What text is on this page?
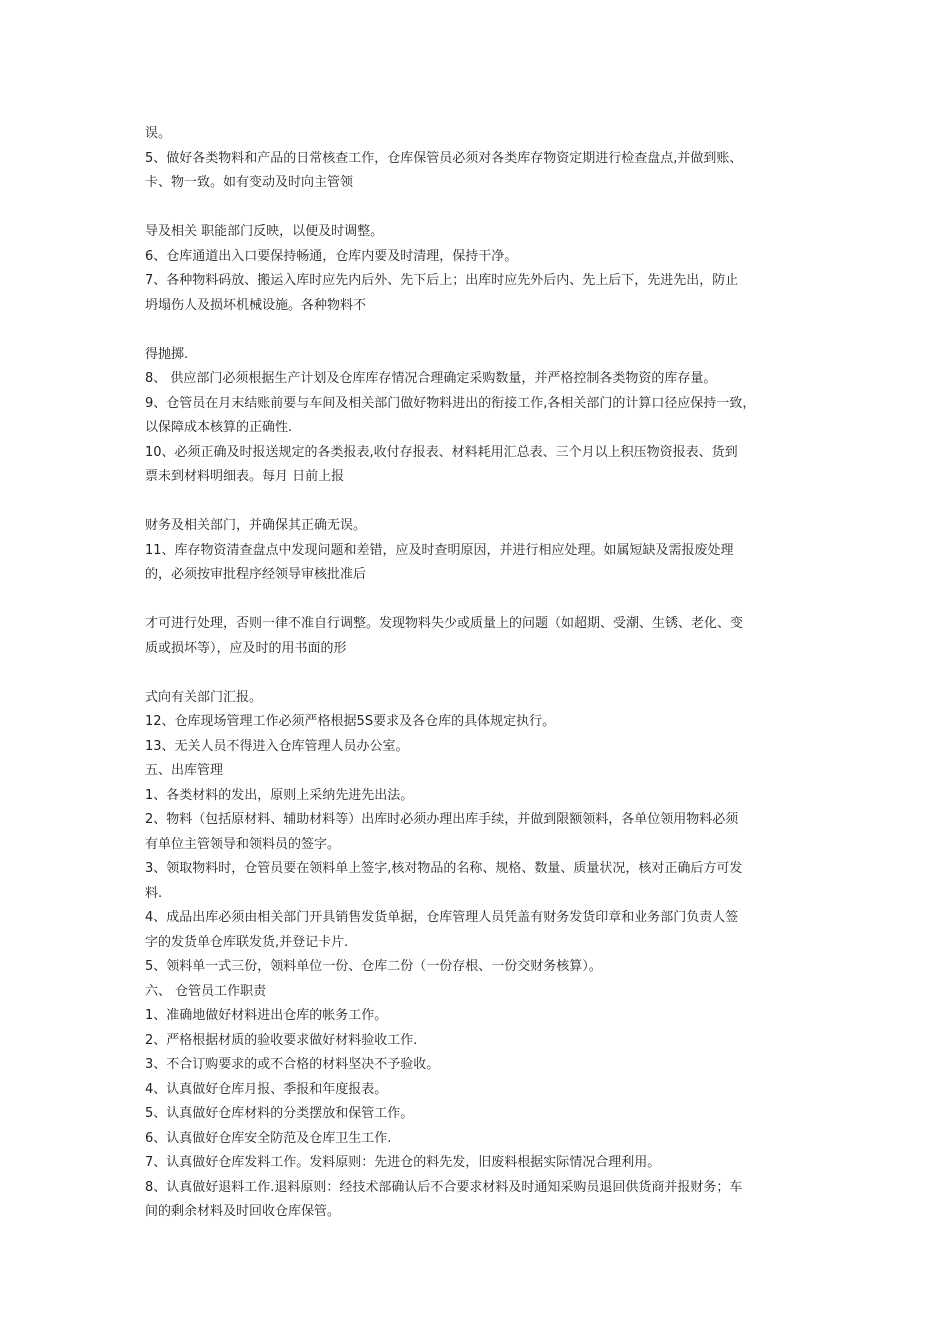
误。
5、做好各类物料和产品的日常核查工作，仓库保管员必须对各类库存物资定期进行检查盘点,并做到账、
卡、物一致。如有变动及时向主管领
导及相关 职能部门反映，以便及时调整。
6、仓库通道出入口要保持畅通，仓库内要及时清理，保持干净。
7、各种物料码放、搬运入库时应先内后外、先下后上；出库时应先外后内、先上后下，先进先出，防止
坍塌伤人及损坏机械设施。各种物料不
得抛掷.
8、 供应部门必须根据生产计划及仓库库存情况合理确定采购数量，并严格控制各类物资的库存量。
9、仓管员在月末结账前要与车间及相关部门做好物料进出的衔接工作,各相关部门的计算口径应保持一致，
以保障成本核算的正确性.
10、必须正确及时报送规定的各类报表,收付存报表、材料耗用汇总表、三个月以上积压物资报表、货到
票未到材料明细表。每月 日前上报
财务及相关部门，并确保其正确无误。
11、库存物资清查盘点中发现问题和差错，应及时查明原因，并进行相应处理。如属短缺及需报废处理
的，必须按审批程序经领导审核批准后
才可进行处理，否则一律不准自行调整。发现物料失少或质量上的问题（如超期、受潮、生锈、老化、变
质或损坏等），应及时的用书面的形
式向有关部门汇报。
12、仓库现场管理工作必须严格根据5S要求及各仓库的具体规定执行。
13、无关人员不得进入仓库管理人员办公室。
五、出库管理
1、各类材料的发出，原则上采纳先进先出法。
2、物料（包括原材料、辅助材料等）出库时必须办理出库手续，并做到限额领料，各单位领用物料必须
有单位主管领导和领料员的签字。
3、领取物料时，仓管员要在领料单上签字,核对物品的名称、规格、数量、质量状况，核对正确后方可发
料.
4、成品出库必须由相关部门开具销售发货单据，仓库管理人员凭盖有财务发货印章和业务部门负责人签
字的发货单仓库联发货,并登记卡片.
5、领料单一式三份，领料单位一份、仓库二份（一份存根、一份交财务核算）。
六、 仓管员工作职责
1、准确地做好材料进出仓库的帐务工作。
2、严格根据材质的验收要求做好材料验收工作.
3、不合订购要求的或不合格的材料坚决不予验收。
4、认真做好仓库月报、季报和年度报表。
5、认真做好仓库材料的分类摆放和保管工作。
6、认真做好仓库安全防范及仓库卫生工作.
7、认真做好仓库发料工作。发料原则：先进仓的料先发，旧废料根据实际情况合理利用。
8、认真做好退料工作.退料原则：经技术部确认后不合要求材料及时通知采购员退回供货商并报财务；车
间的剩余材料及时回收仓库保管。
